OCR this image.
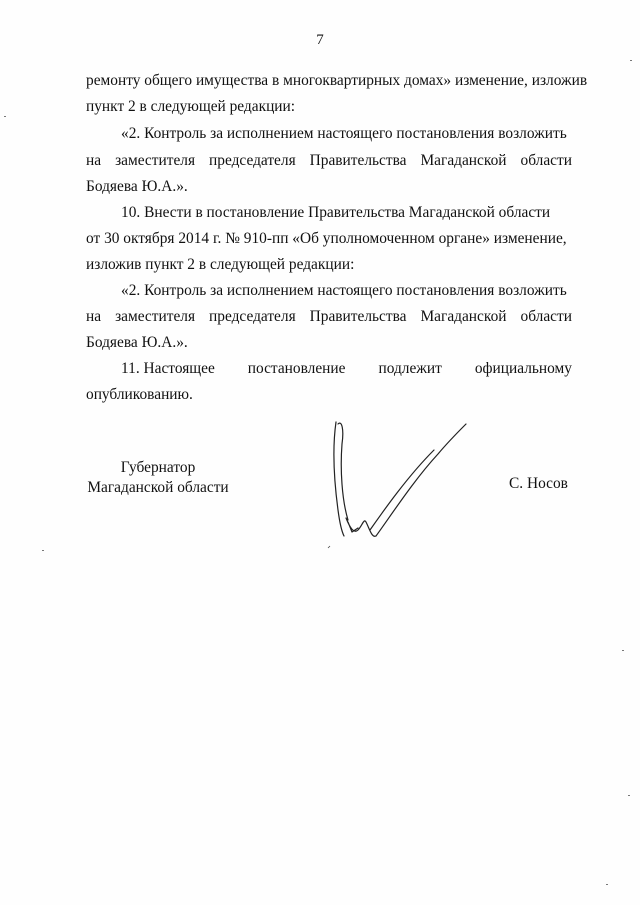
7
ремонту общего имущества в многоквартирных домах» изменение, изложив
пункт 2 в следующей редакции:
«2. Контроль за исполнением настоящего постановления возложить
на заместителя председателя Правительства Магаданской области
Бодяева Ю.А.».
10. Внести в постановление Правительства Магаданской области
от 30 октября 2014 г. № 910-пп «Об уполномоченном органе» изменение,
изложив пункт 2 в следующей редакции:
«2. Контроль за исполнением настоящего постановления возложить
на заместителя председателя Правительства Магаданской области
Бодяева Ю.А.».
11. Настоящее постановление подлежит официальному
опубликованию.
Губернатор
Магаданской области	С. Носов
